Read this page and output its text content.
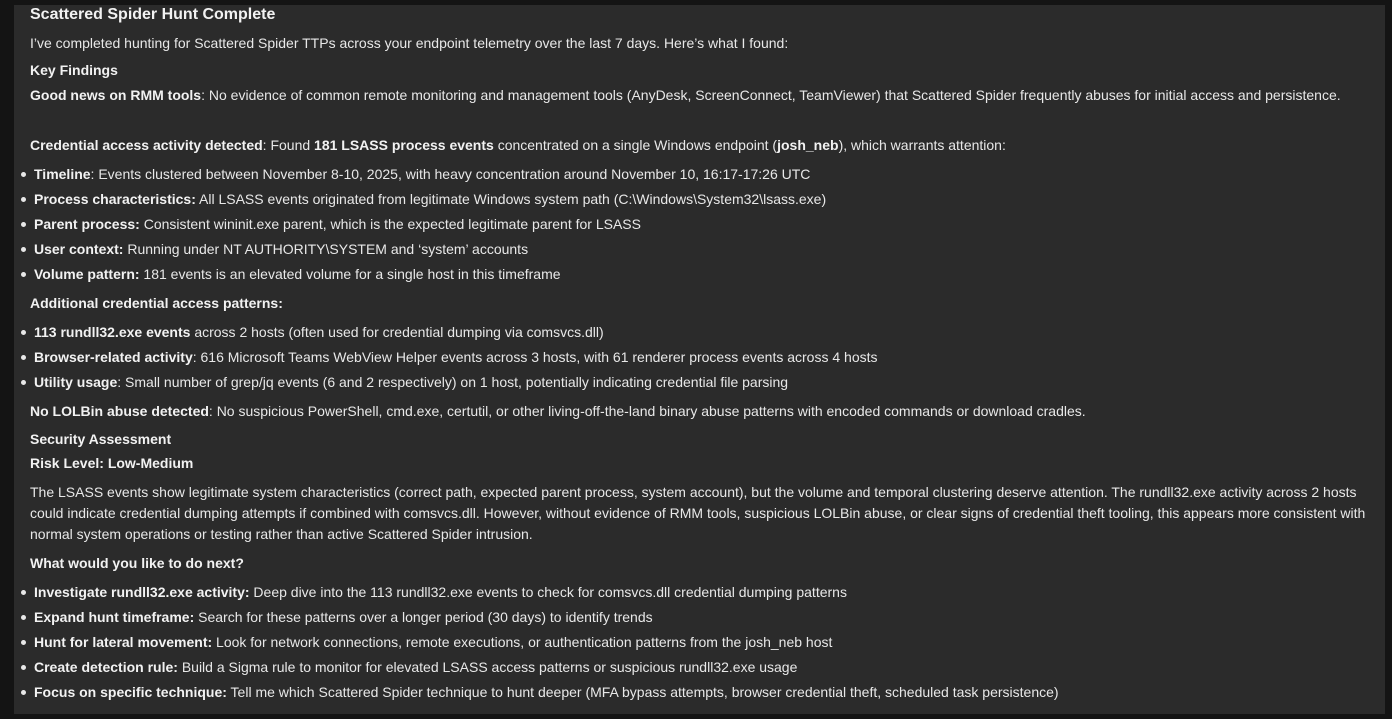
Scattered Spider Hunt Complete
I’ve completed hunting for Scattered Spider TTPs across your endpoint telemetry over the last 7 days. Here’s what I found:
Key Findings
Good news on RMM tools: No evidence of common remote monitoring and management tools (AnyDesk, ScreenConnect, TeamViewer) that Scattered Spider frequently abuses for initial access and persistence.
Credential access activity detected: Found 181 LSASS process events concentrated on a single Windows endpoint (josh_neb), which warrants attention:
Timeline: Events clustered between November 8-10, 2025, with heavy concentration around November 10, 16:17-17:26 UTC
Process characteristics: All LSASS events originated from legitimate Windows system path (C:\Windows\System32\lsass.exe)
Parent process: Consistent wininit.exe parent, which is the expected legitimate parent for LSASS
User context: Running under NT AUTHORITY\SYSTEM and ‘system’ accounts
Volume pattern: 181 events is an elevated volume for a single host in this timeframe
Additional credential access patterns:
113 rundll32.exe events across 2 hosts (often used for credential dumping via comsvcs.dll)
Browser-related activity: 616 Microsoft Teams WebView Helper events across 3 hosts, with 61 renderer process events across 4 hosts
Utility usage: Small number of grep/jq events (6 and 2 respectively) on 1 host, potentially indicating credential file parsing
No LOLBin abuse detected: No suspicious PowerShell, cmd.exe, certutil, or other living-off-the-land binary abuse patterns with encoded commands or download cradles.
Security Assessment
Risk Level: Low-Medium
The LSASS events show legitimate system characteristics (correct path, expected parent process, system account), but the volume and temporal clustering deserve attention. The rundll32.exe activity across 2 hosts could indicate credential dumping attempts if combined with comsvcs.dll. However, without evidence of RMM tools, suspicious LOLBin abuse, or clear signs of credential theft tooling, this appears more consistent with normal system operations or testing rather than active Scattered Spider intrusion.
What would you like to do next?
Investigate rundll32.exe activity: Deep dive into the 113 rundll32.exe events to check for comsvcs.dll credential dumping patterns
Expand hunt timeframe: Search for these patterns over a longer period (30 days) to identify trends
Hunt for lateral movement: Look for network connections, remote executions, or authentication patterns from the josh_neb host
Create detection rule: Build a Sigma rule to monitor for elevated LSASS access patterns or suspicious rundll32.exe usage
Focus on specific technique: Tell me which Scattered Spider technique to hunt deeper (MFA bypass attempts, browser credential theft, scheduled task persistence)
